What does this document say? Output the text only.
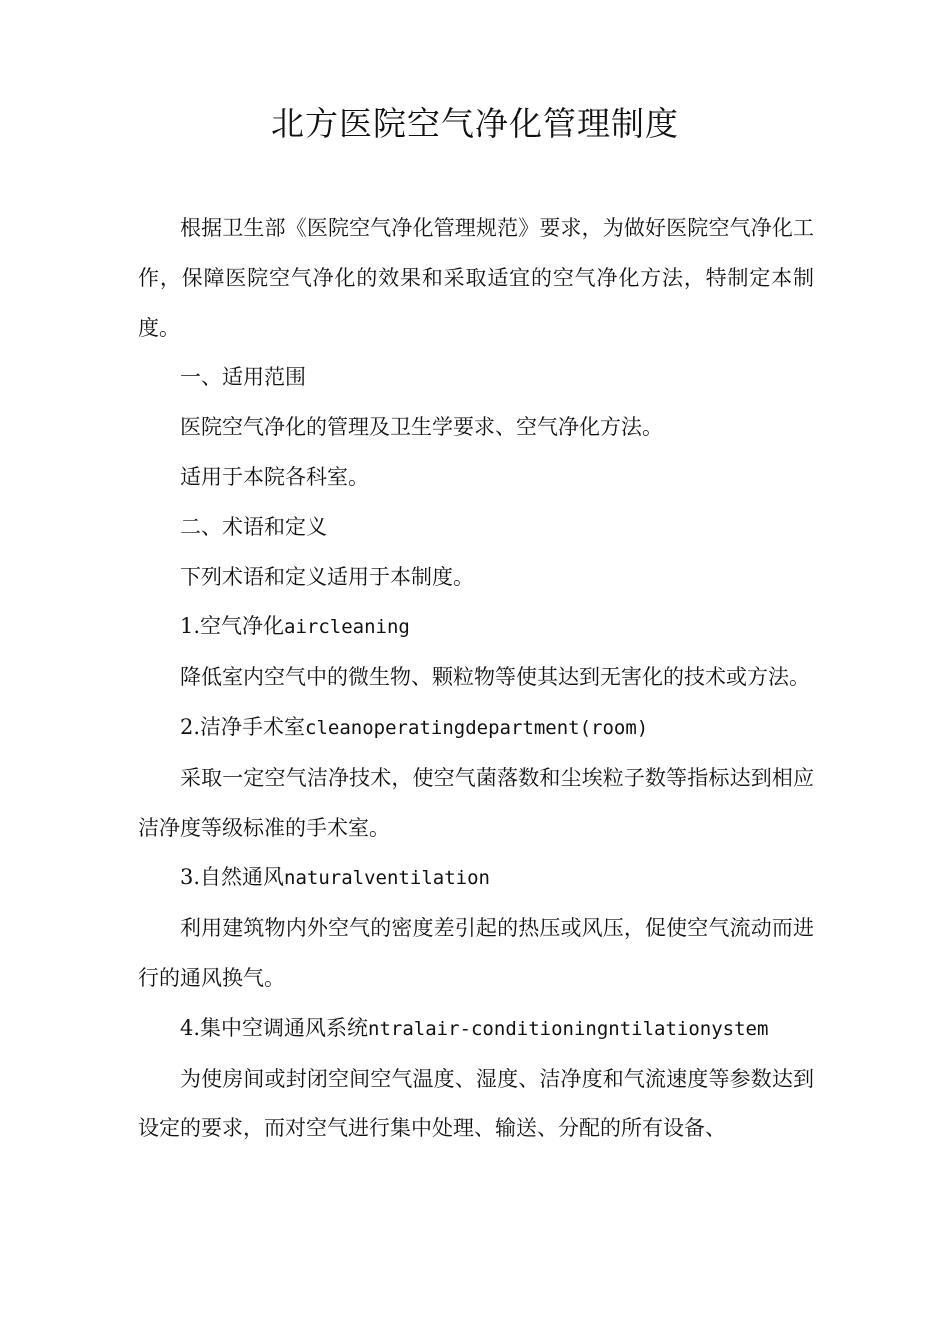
北方医院空气净化管理制度

根据卫生部《医院空气净化管理规范》要求，为做好医院空气净化工作，保障医院空气净化的效果和采取适宜的空气净化方法，特制定本制度。

一、适用范围

医院空气净化的管理及卫生学要求、空气净化方法。

适用于本院各科室。

二、术语和定义

下列术语和定义适用于本制度。

1.空气净化aircleaning

降低室内空气中的微生物、颗粒物等使其达到无害化的技术或方法。

2.洁净手术室cleanoperatingdepartment(room)

采取一定空气洁净技术，使空气菌落数和尘埃粒子数等指标达到相应洁净度等级标准的手术室。

3.自然通风naturalventilation

利用建筑物内外空气的密度差引起的热压或风压，促使空气流动而进行的通风换气。

4.集中空调通风系统ntralair-conditioningntilationystem

为使房间或封闭空间空气温度、湿度、洁净度和气流速度等参数达到设定的要求，而对空气进行集中处理、输送、分配的所有设备、
